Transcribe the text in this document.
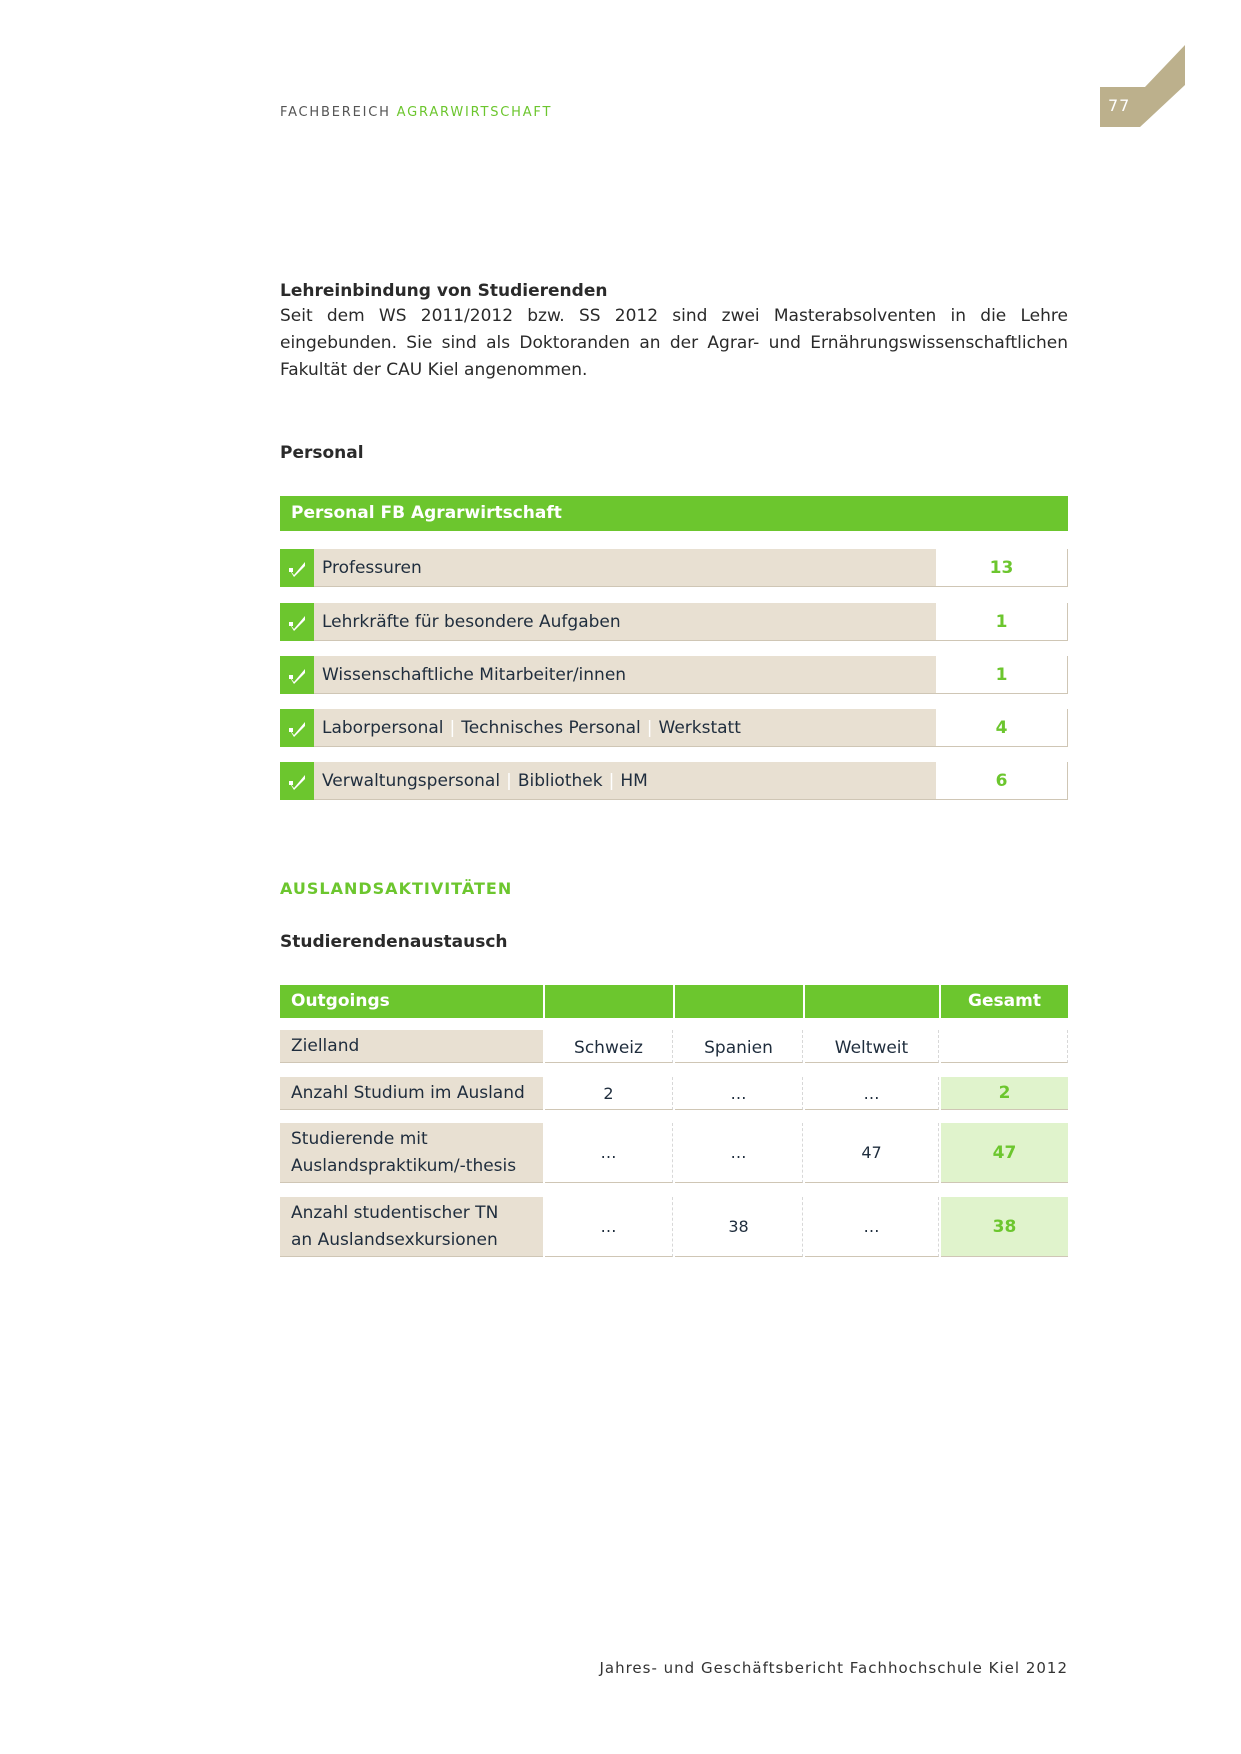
FACHBEREICH AGRARWIRTSCHAFT	77
Lehreinbindung von Studierenden
Seit dem WS 2011/2012 bzw. SS 2012 sind zwei Masterabsolventen in die Lehre eingebunden. Sie sind als Doktoranden an der Agrar- und Ernährungswissenschaftlichen Fakultät der CAU Kiel angenommen.
Personal
Personal FB Agrarwirtschaft
Professuren	13
Lehrkräfte für besondere Aufgaben	1
Wissenschaftliche Mitarbeiter/innen	1
Laborpersonal | Technisches Personal | Werkstatt	4
Verwaltungspersonal | Bibliothek | HM	6
AUSLANDSAKTIVITÄTEN
Studierendenaustausch
Outgoings	Gesamt
Zielland	Schweiz	Spanien	Weltweit
Anzahl Studium im Ausland	2	…	…	2
Studierende mit
Auslandspraktikum/-thesis
…	…	47	47
Anzahl studentischer TN
an Auslandsexkursionen
…	38	…	38
Jahres- und Geschäftsbericht Fachhochschule Kiel 2012
